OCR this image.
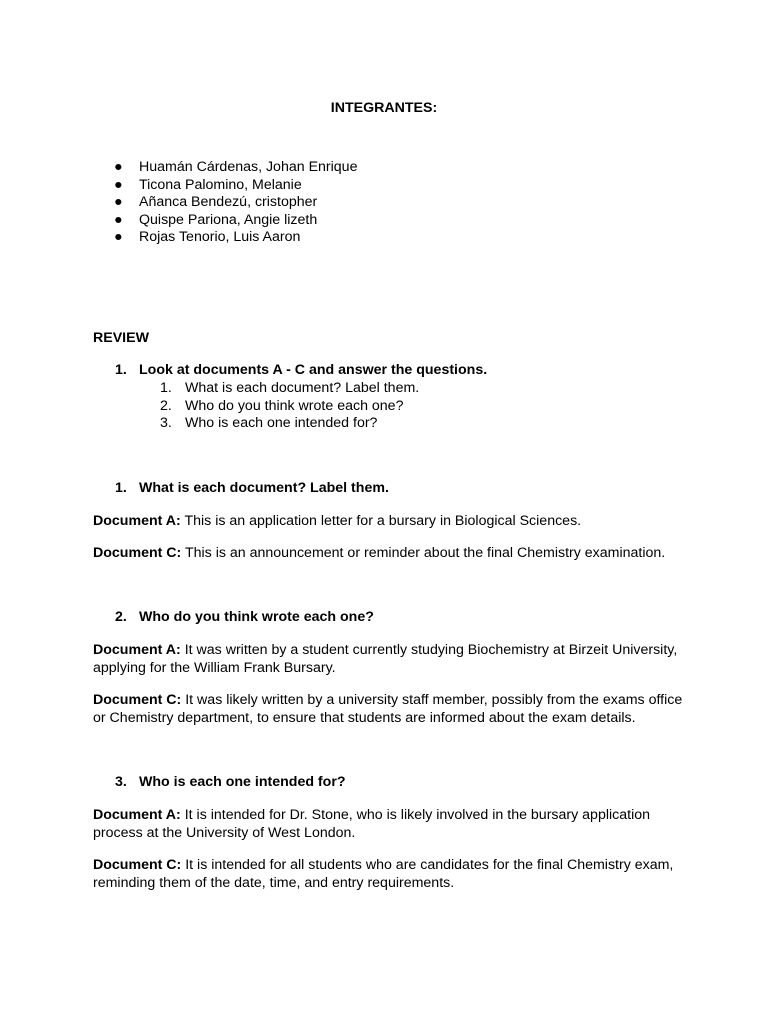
INTEGRANTES:
● Huamán Cárdenas, Johan Enrique
● Ticona Palomino, Melanie
● Añanca Bendezú, cristopher
● Quispe Pariona, Angie lizeth
● Rojas Tenorio, Luis Aaron
REVIEW
1. Look at documents A - C and answer the questions.
1. What is each document? Label them.
2. Who do you think wrote each one?
3. Who is each one intended for?
1. What is each document? Label them.
Document A: This is an application letter for a bursary in Biological Sciences.
Document C: This is an announcement or reminder about the final Chemistry examination.
2. Who do you think wrote each one?
Document A: It was written by a student currently studying Biochemistry at Birzeit University, applying for the William Frank Bursary.
Document C: It was likely written by a university staff member, possibly from the exams office or Chemistry department, to ensure that students are informed about the exam details.
3. Who is each one intended for?
Document A: It is intended for Dr. Stone, who is likely involved in the bursary application process at the University of West London.
Document C: It is intended for all students who are candidates for the final Chemistry exam, reminding them of the date, time, and entry requirements.
